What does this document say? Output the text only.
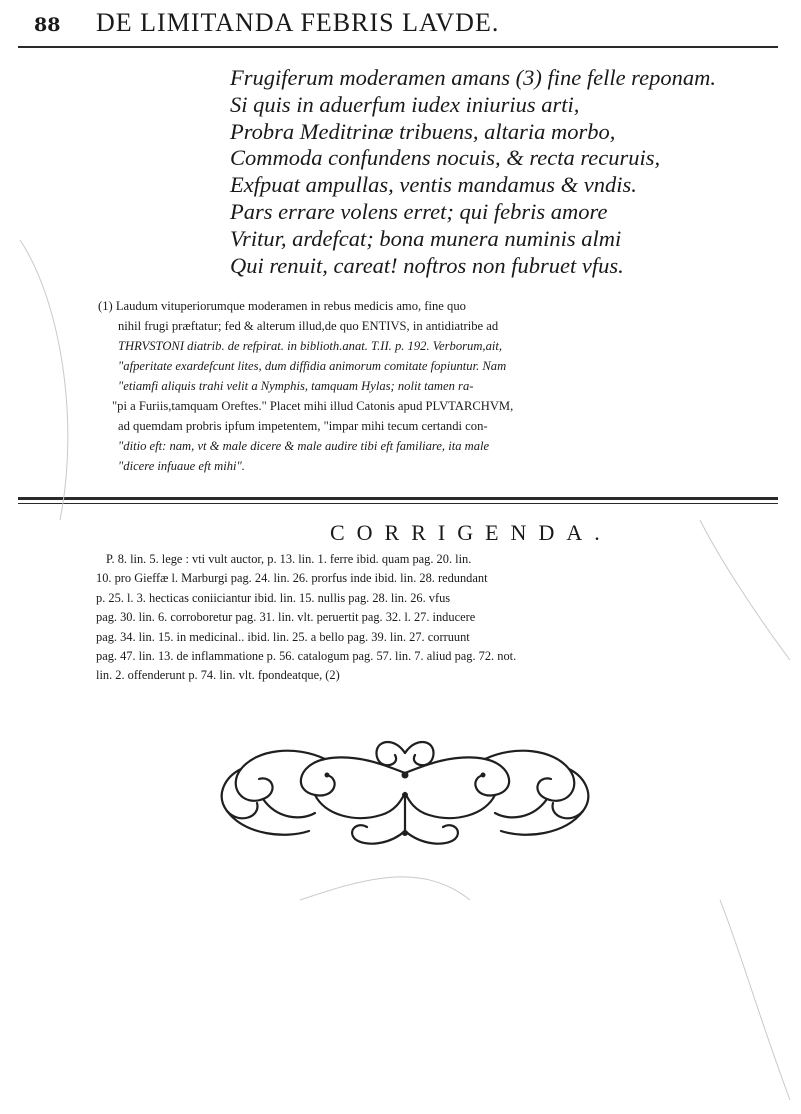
88 DE LIMITANDA FEBRIS LAVDE.
Frugiferum moderamen amans (3) fine felle reponam.
Si quis in aduerfum iudex iniurius arti,
Probra Meditrinæ tribuens, altaria morbo,
Commoda confundens nocuis, & recta recuruis,
Exfpuat ampullas, ventis mandamus & vndis.
Pars errare volens erret; qui febris amore
Vritur, ardefcat; bona munera numinis almi
Qui renuit, careat! noftros non fubruet vfus.
(1) Laudum vituperiorumque moderamen in rebus medicis amo, fine quo
nihil frugi præftatur; fed & alterum illud,de quo ENTIVS, in antidiatribe ad
THRVSTONI diatrib. de refpirat. in biblioth.anat. T.II. p. 192. Verborum,ait,
"afperitate exardefcunt lites, dum diffidia animorum comitate fopiuntur. Nam
"etiamfi aliquis trahi velit a Nymphis, tamquam Hylas; nolit tamen ra-
"pi a Furiis,tamquam Oreftes." Placet mihi illud Catonis apud PLVTARCHVM,
ad quemdam probris ipfum impetentem, "impar mihi tecum certandi con-
"ditio eft: nam, vt & male dicere & male audire tibi eft familiare, ita male
"dicere infuaue eft mihi".
CORRIGENDA.
P. 8. lin. 5. lege : vti vult auctor, p. 13. lin. 1. ferre ibid. quam pag. 20. lin.
10. pro Gieffæ l. Marburgi pag. 24. lin. 26. prorfus inde ibid. lin. 28. redundant
p. 25. l. 3. hecticas coniiciantur ibid. lin. 15. nullis pag. 28. lin. 26. vfus
pag. 30. lin. 6. corroboretur pag. 31. lin. vlt. peruertit pag. 32. l. 27. inducere
pag. 34. lin. 15. in medicinal.. ibid. lin. 25. a bello pag. 39. lin. 27. corruunt
pag. 47. lin. 13. de inflammatione p. 56. catalogum pag. 57. lin. 7. aliud pag. 72. not.
lin. 2. offenderunt p. 74. lin. vlt. fpondeatque, (2)
